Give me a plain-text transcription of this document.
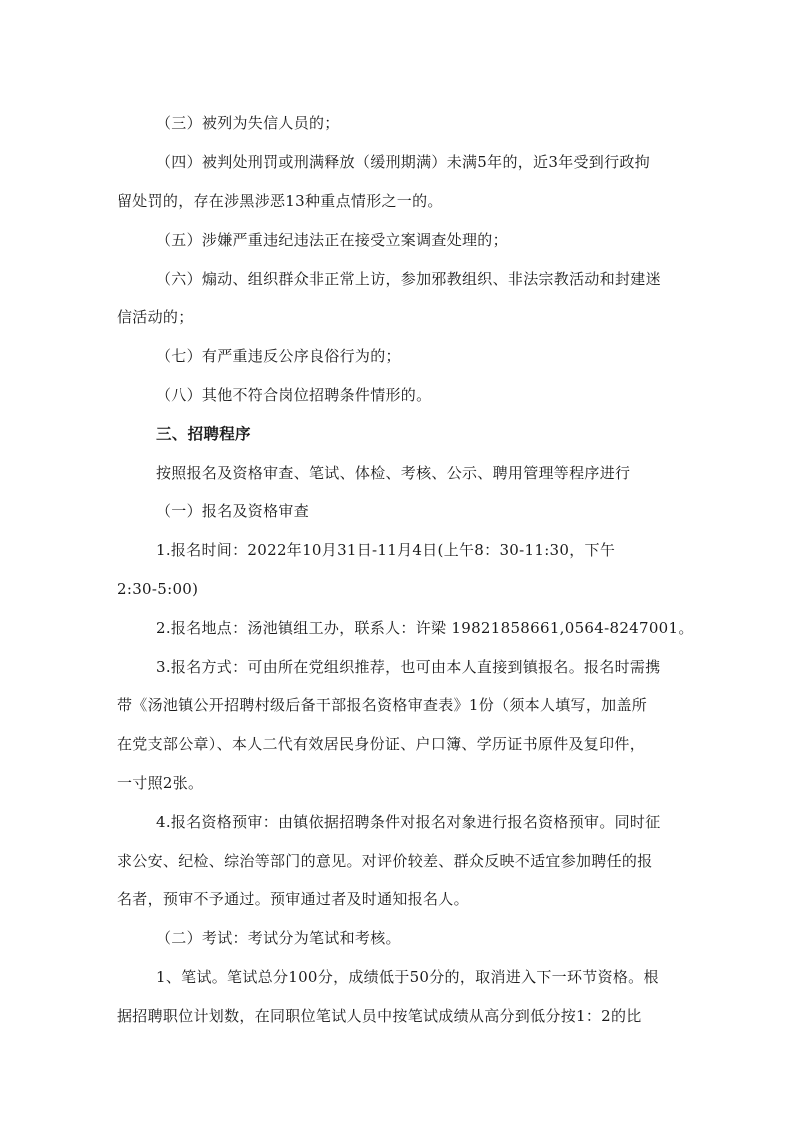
（三）被列为失信人员的；
（四）被判处刑罚或刑满释放（缓刑期满）未满5年的，近3年受到行政拘
留处罚的，存在涉黑涉恶13种重点情形之一的。
（五）涉嫌严重违纪违法正在接受立案调查处理的；
（六）煽动、组织群众非正常上访，参加邪教组织、非法宗教活动和封建迷
信活动的；
（七）有严重违反公序良俗行为的；
（八）其他不符合岗位招聘条件情形的。
三、招聘程序
按照报名及资格审查、笔试、体检、考核、公示、聘用管理等程序进行
（一）报名及资格审查
1.报名时间：2022年10月31日-11月4日(上午8：30-11:30，下午
2:30-5:00)
2.报名地点：汤池镇组工办，联系人：许梁 19821858661,0564-8247001。
3.报名方式：可由所在党组织推荐，也可由本人直接到镇报名。报名时需携
带《汤池镇公开招聘村级后备干部报名资格审查表》1份（须本人填写，加盖所
在党支部公章）、本人二代有效居民身份证、户口簿、学历证书原件及复印件，
一寸照2张。
4.报名资格预审：由镇依据招聘条件对报名对象进行报名资格预审。同时征
求公安、纪检、综治等部门的意见。对评价较差、群众反映不适宜参加聘任的报
名者，预审不予通过。预审通过者及时通知报名人。
（二）考试：考试分为笔试和考核。
1、笔试。笔试总分100分，成绩低于50分的，取消进入下一环节资格。根
据招聘职位计划数，在同职位笔试人员中按笔试成绩从高分到低分按1：2的比
